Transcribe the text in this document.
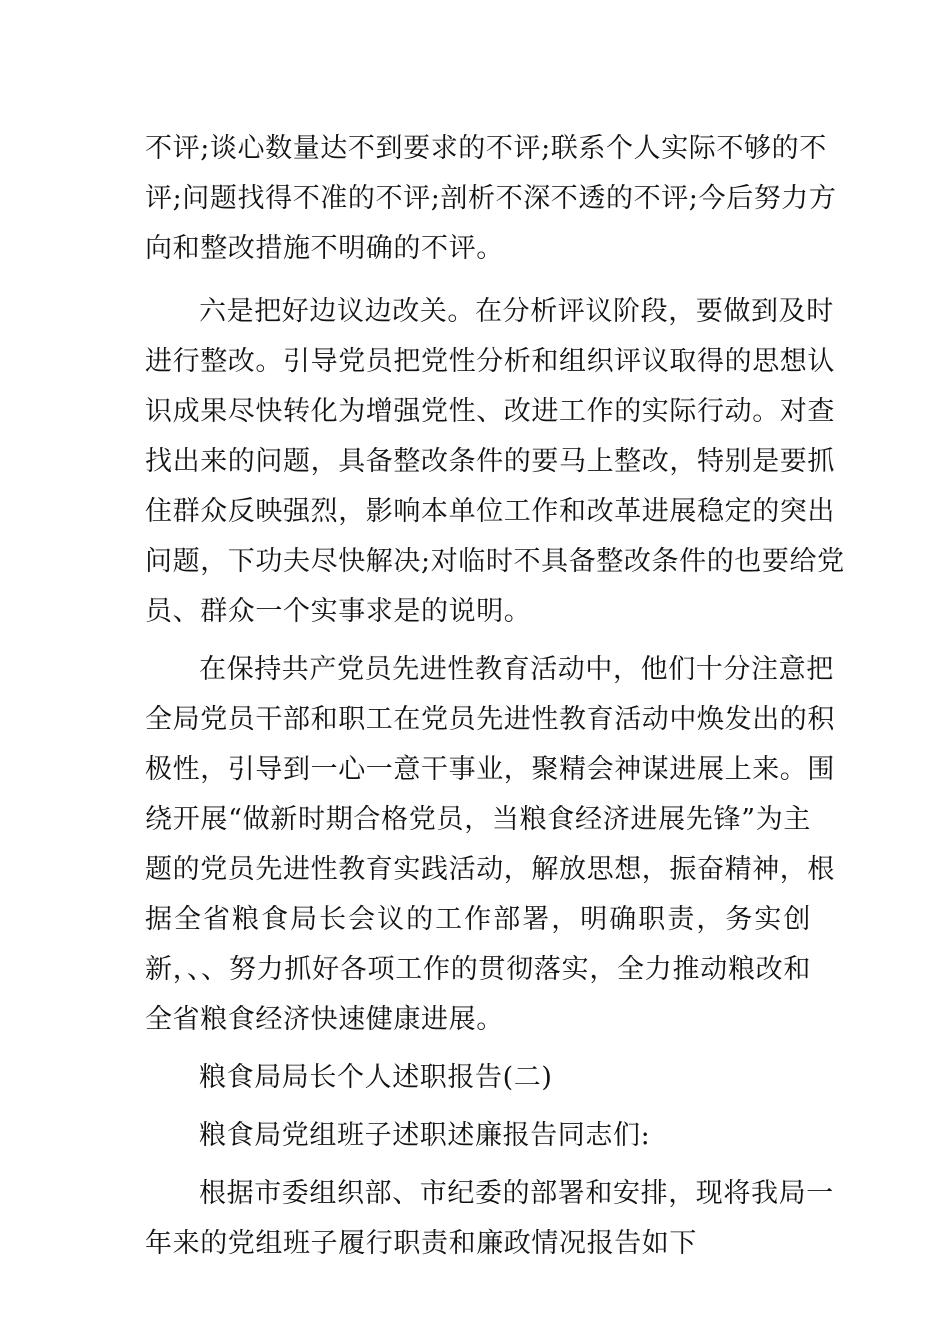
不评;谈心数量达不到要求的不评;联系个人实际不够的不
评;问题找得不准的不评;剖析不深不透的不评;今后努力方
向和整改措施不明确的不评。
六是把好边议边改关。在分析评议阶段，要做到及时
进行整改。引导党员把党性分析和组织评议取得的思想认
识成果尽快转化为增强党性、改进工作的实际行动。对查
找出来的问题，具备整改条件的要马上整改，特别是要抓
住群众反映强烈，影响本单位工作和改革进展稳定的突出
问题，下功夫尽快解决;对临时不具备整改条件的也要给党
员、群众一个实事求是的说明。
在保持共产党员先进性教育活动中，他们十分注意把
全局党员干部和职工在党员先进性教育活动中焕发出的积
极性，引导到一心一意干事业，聚精会神谋进展上来。围
绕开展“做新时期合格党员，当粮食经济进展先锋”为主
题的党员先进性教育实践活动，解放思想，振奋精神，根
据全省粮食局长会议的工作部署，明确职责，务实创
新，、、努力抓好各项工作的贯彻落实，全力推动粮改和
全省粮食经济快速健康进展。
粮食局局长个人述职报告(二)
粮食局党组班子述职述廉报告同志们:
根据市委组织部、市纪委的部署和安排，现将我局一
年来的党组班子履行职责和廉政情况报告如下
